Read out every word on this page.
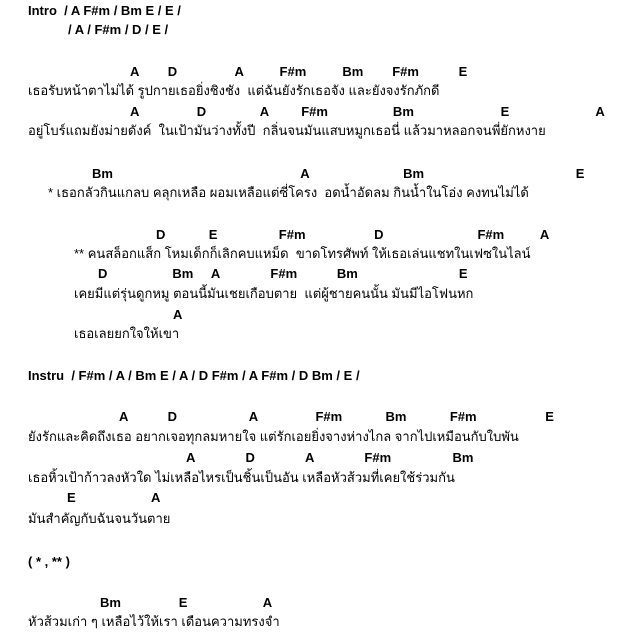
Intro  / A F#m / Bm E / E /
/ A / F#m / D / E /
A        D                A          F#m          Bm        F#m           E
เธอรับหน้าตาไม่ได้ รูปกายเธอยิ่งชิงชัง  แต่ฉันยังรักเธอจัง และยังจงรักภักดี
A                D               A         F#m                  Bm                        E                        A
อยู่โบร์แถมยังม่ายดังค์  ในเป้ามันว่างทั้งปี  กลิ่นจนมันแสบหมูกเธอนี่ แล้วมาหลอกจนพี่ยักหงาย
Bm                                                    A                          Bm                                          E
* เธอกลัวกินแกลบ คลุกเหลือ ผอมเหลือแต่ซี่โครง  อดน้ำอัดลม กินน้ำในโอ่ง คงทนไม่ได้
D            E                 F#m                   D                          F#m          A
** คนสล็อกแส็ก โหมเด็กก็เลิกคบแหม็ด  ขาดโทรศัพท์ ให้เธอเล่นแชทในเฟซในไลน์
D                  Bm     A              F#m           Bm                            E
เคยมีแต่รุ่นดูกหมู ตอนนี้มันเชยเกือบตาย  แต่ผู้ชายคนนั้น มันมีไอโฟนหก
A
เธอเลยยกใจให้เขา
Instru  / F#m / A / Bm E / A / D F#m / A F#m / D Bm / E /
A           D                    A                F#m            Bm            F#m                   E
ยังรักและคิดถึงเธอ อยากเจอทุกลมหายใจ แต่รักเอยยิ่งจางห่างไกล จากไปเหมือนกับใบพัน
A              D              A              F#m                 Bm
เธอหิ้วเป้าก้าวลงหัวใด ไม่เหลือไหรเป็นชิ้นเป็นอัน เหลือหัวส้วมที่เคยใช้ร่วมกัน
E                     A
มันสำคัญกับฉันจนวันตาย
( * , ** )
Bm                E                     A
หัวส้วมเก่า ๆ เหลือไว้ให้เรา เดือนความทรงจำ
